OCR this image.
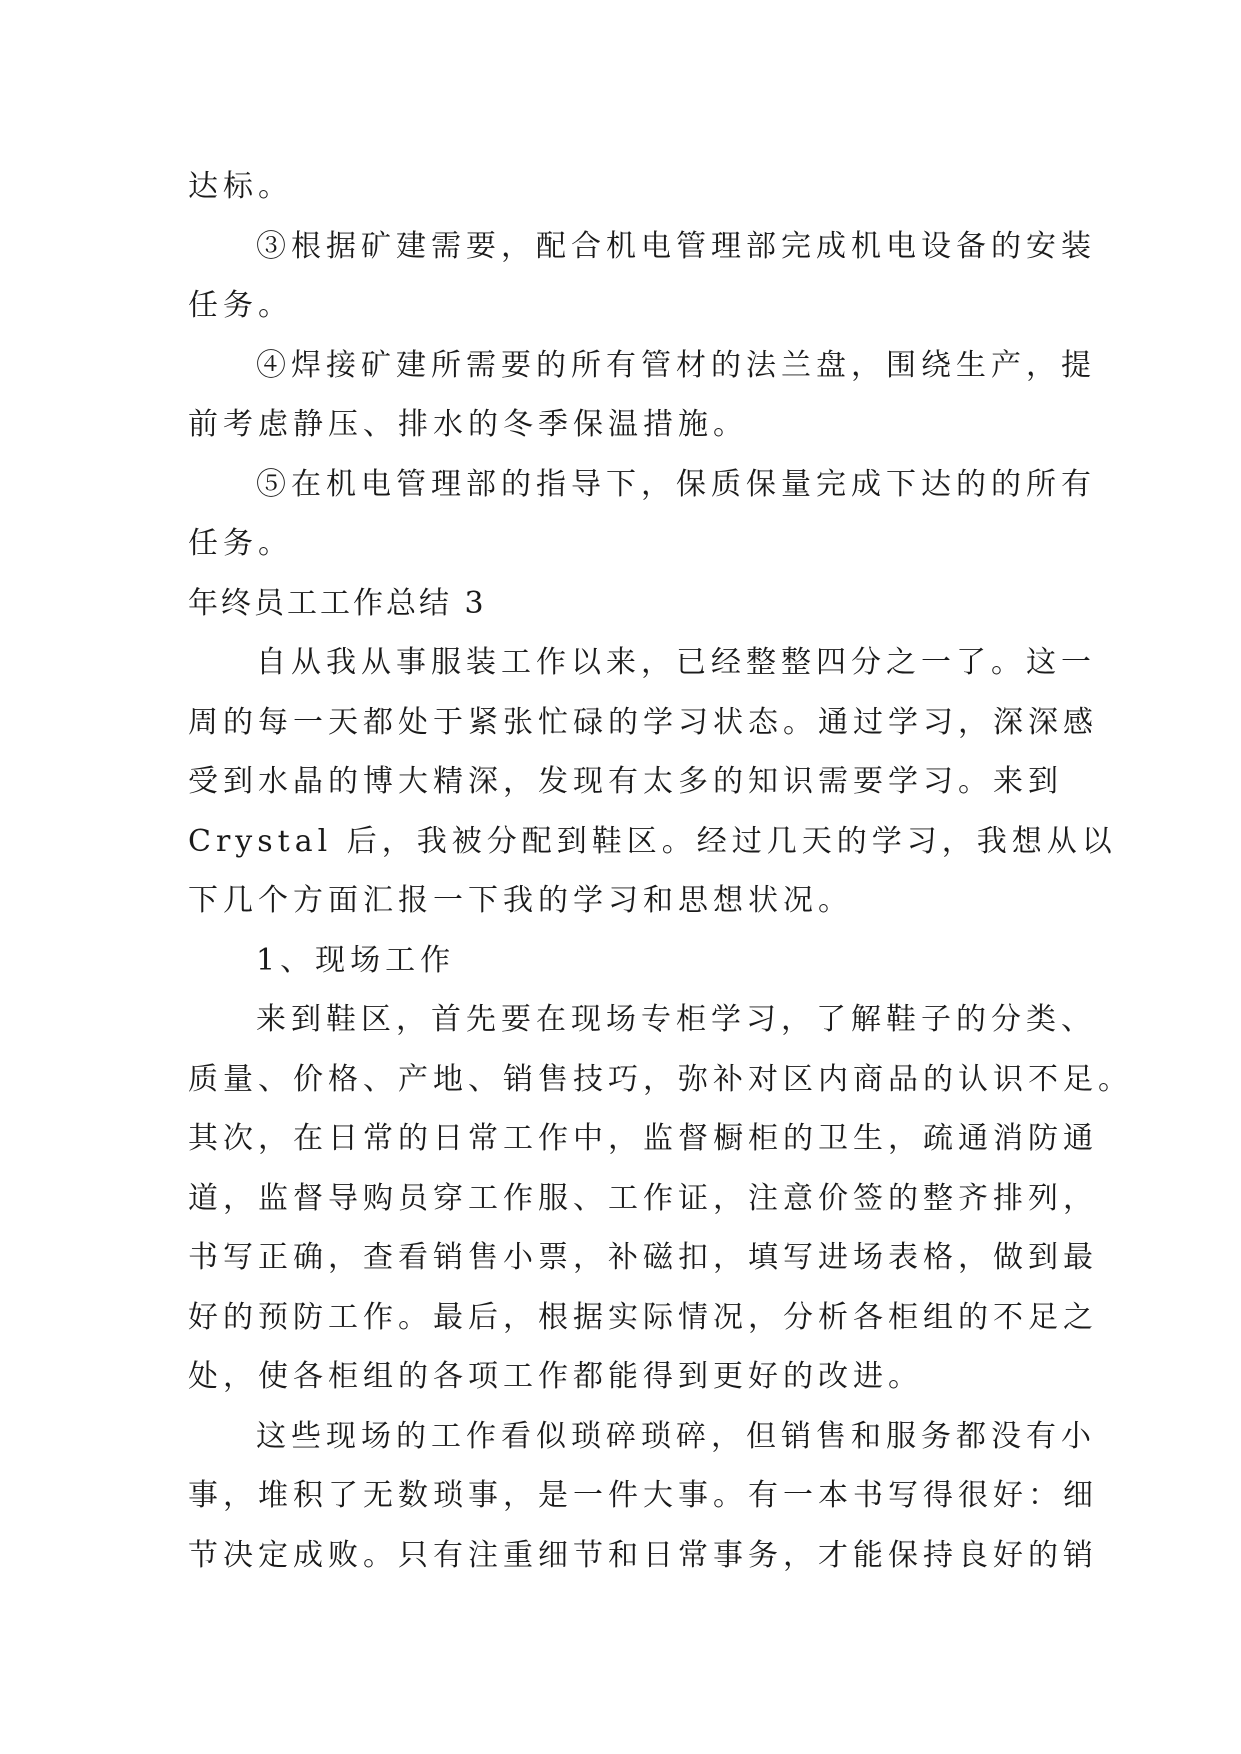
达标。
③根据矿建需要，配合机电管理部完成机电设备的安装
任务。
④焊接矿建所需要的所有管材的法兰盘，围绕生产，提
前考虑静压、排水的冬季保温措施。
⑤在机电管理部的指导下，保质保量完成下达的的所有
任务。
年终员工工作总结 3
自从我从事服装工作以来，已经整整四分之一了。这一
周的每一天都处于紧张忙碌的学习状态。通过学习，深深感
受到水晶的博大精深，发现有太多的知识需要学习。来到
Crystal 后，我被分配到鞋区。经过几天的学习，我想从以
下几个方面汇报一下我的学习和思想状况。
1、现场工作
来到鞋区，首先要在现场专柜学习，了解鞋子的分类、
质量、价格、产地、销售技巧，弥补对区内商品的认识不足。
其次，在日常的日常工作中，监督橱柜的卫生，疏通消防通
道，监督导购员穿工作服、工作证，注意价签的整齐排列，
书写正确，查看销售小票，补磁扣，填写进场表格，做到最
好的预防工作。最后，根据实际情况，分析各柜组的不足之
处，使各柜组的各项工作都能得到更好的改进。
这些现场的工作看似琐碎琐碎，但销售和服务都没有小
事，堆积了无数琐事，是一件大事。有一本书写得很好：细
节决定成败。只有注重细节和日常事务，才能保持良好的销
